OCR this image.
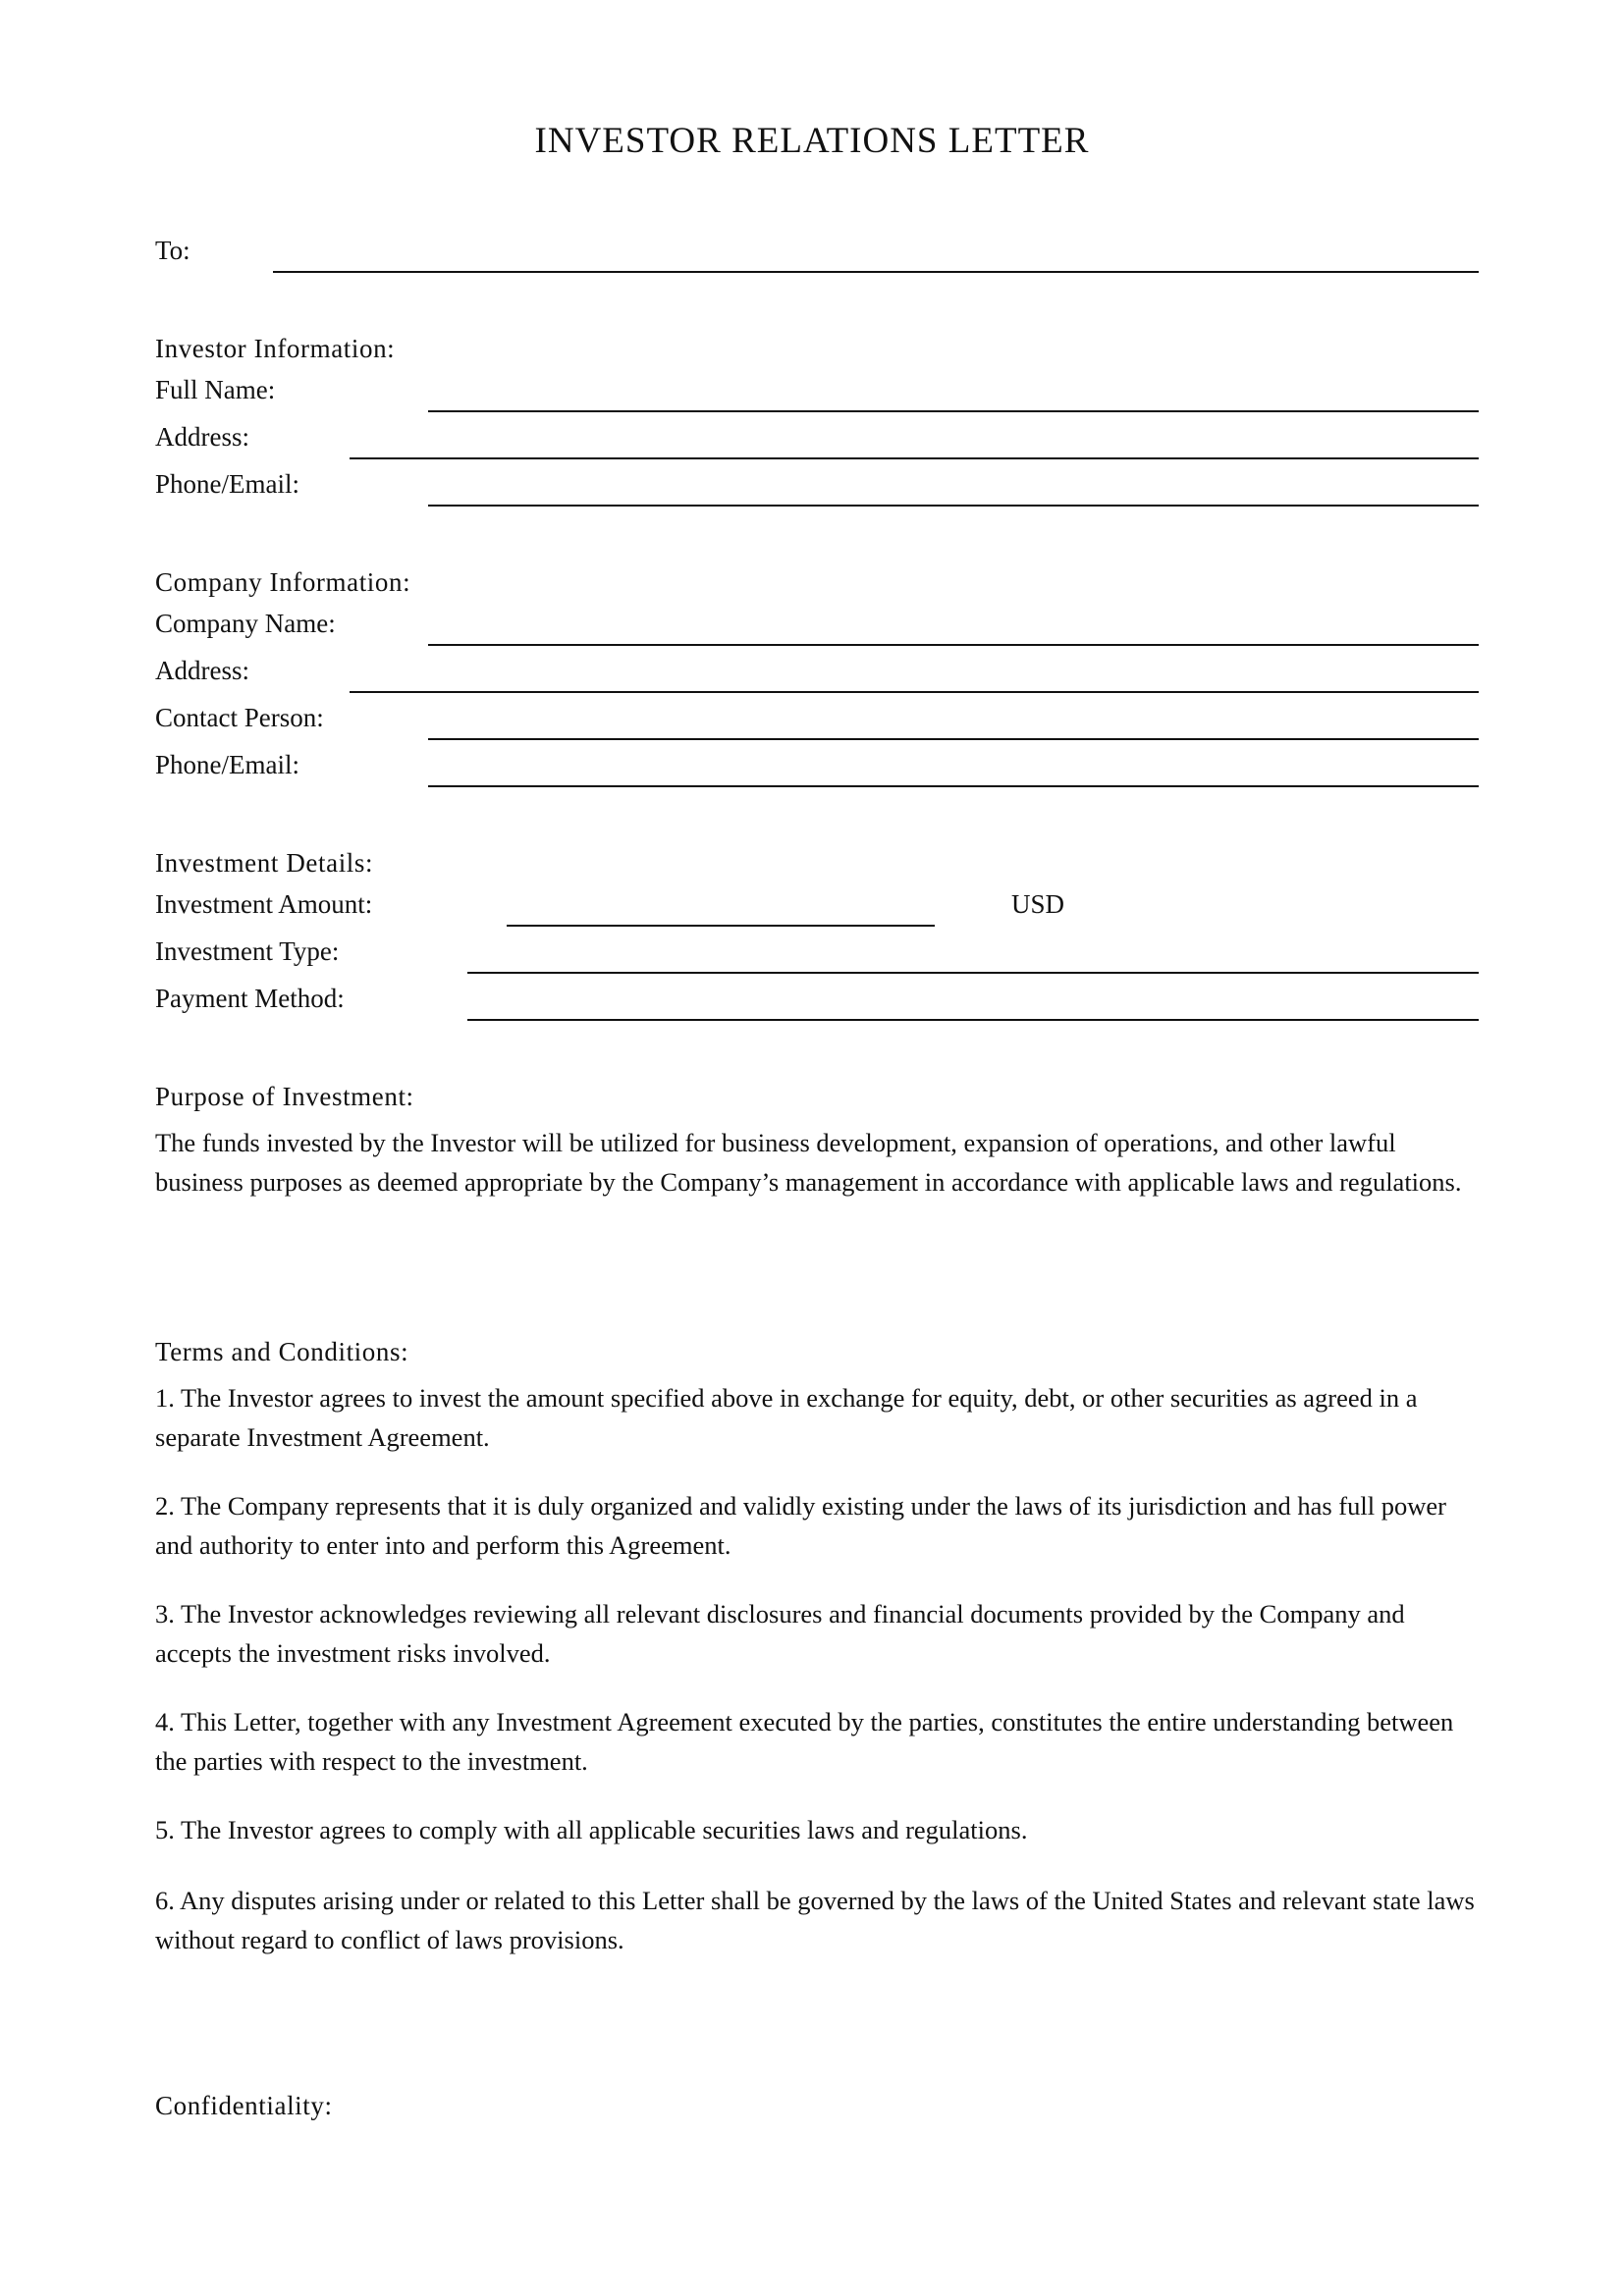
INVESTOR RELATIONS LETTER
To:
Investor Information:
Full Name:
Address:
Phone/Email:
Company Information:
Company Name:
Address:
Contact Person:
Phone/Email:
Investment Details:
Investment Amount:	USD
Investment Type:
Payment Method:
Purpose of Investment:

The funds invested by the Investor will be utilized for business development, expansion of operations, and other lawful business purposes as deemed appropriate by the Company’s management in accordance with applicable laws and regulations.

Terms and Conditions:

1. The Investor agrees to invest the amount specified above in exchange for equity, debt, or other securities as agreed in a separate Investment Agreement.

2. The Company represents that it is duly organized and validly existing under the laws of its jurisdiction and has full power and authority to enter into and perform this Agreement.

3. The Investor acknowledges reviewing all relevant disclosures and financial documents provided by the Company and accepts the investment risks involved.

4. This Letter, together with any Investment Agreement executed by the parties, constitutes the entire understanding between the parties with respect to the investment.

5. The Investor agrees to comply with all applicable securities laws and regulations.

6. Any disputes arising under or related to this Letter shall be governed by the laws of the United States and relevant state laws without regard to conflict of laws provisions.

Confidentiality:
